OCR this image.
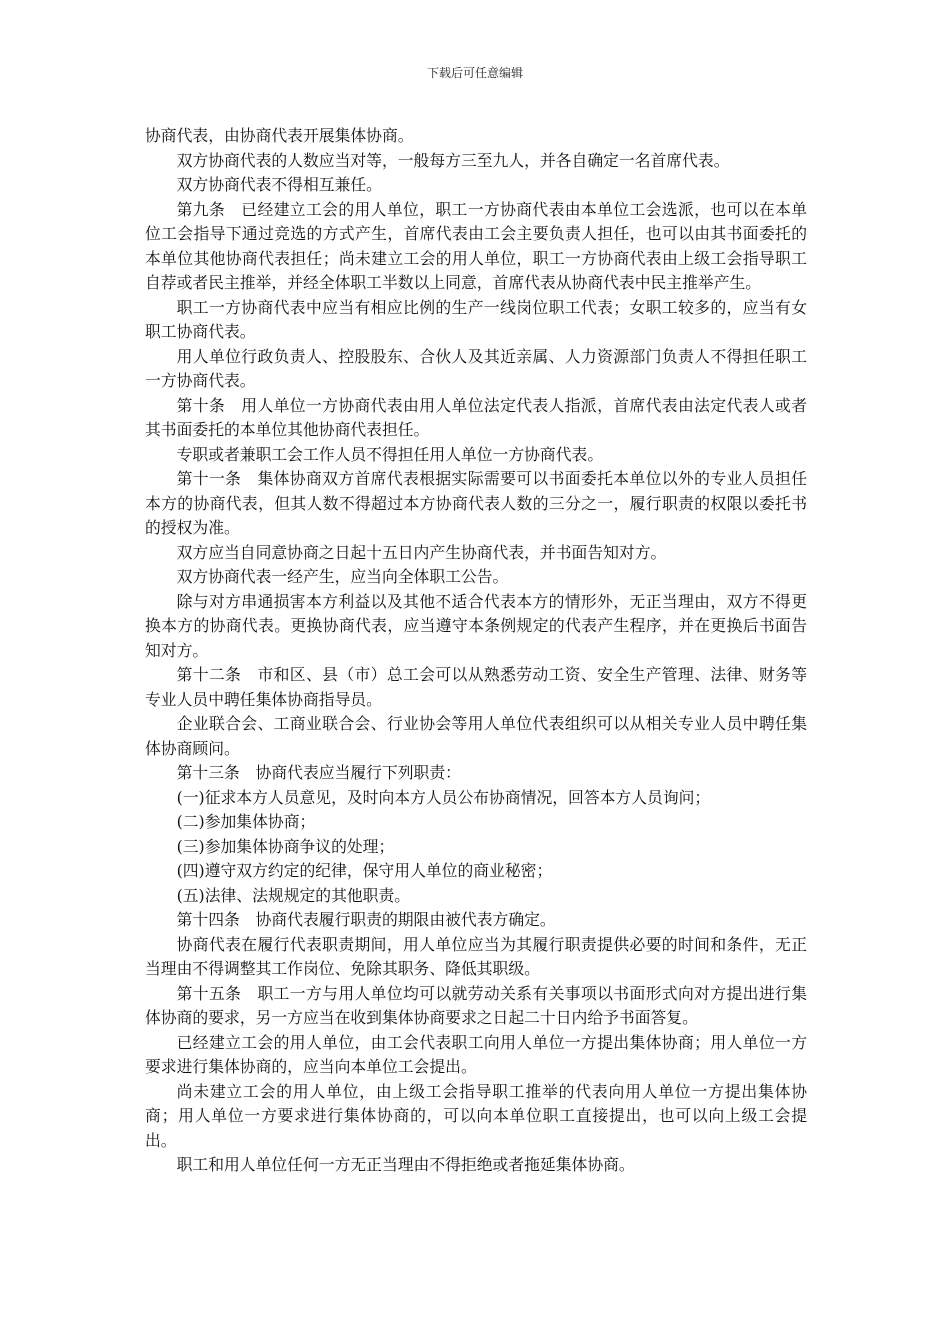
下载后可任意编辑

协商代表，由协商代表开展集体协商。

双方协商代表的人数应当对等，一般每方三至九人，并各自确定一名首席代表。

双方协商代表不得相互兼任。

第九条　已经建立工会的用人单位，职工一方协商代表由本单位工会选派，也可以在本单位工会指导下通过竞选的方式产生，首席代表由工会主要负责人担任，也可以由其书面委托的本单位其他协商代表担任；尚未建立工会的用人单位，职工一方协商代表由上级工会指导职工自荐或者民主推举，并经全体职工半数以上同意，首席代表从协商代表中民主推举产生。

职工一方协商代表中应当有相应比例的生产一线岗位职工代表；女职工较多的，应当有女职工协商代表。

用人单位行政负责人、控股股东、合伙人及其近亲属、人力资源部门负责人不得担任职工一方协商代表。

第十条　用人单位一方协商代表由用人单位法定代表人指派，首席代表由法定代表人或者其书面委托的本单位其他协商代表担任。

专职或者兼职工会工作人员不得担任用人单位一方协商代表。

第十一条　集体协商双方首席代表根据实际需要可以书面委托本单位以外的专业人员担任本方的协商代表，但其人数不得超过本方协商代表人数的三分之一，履行职责的权限以委托书的授权为准。

双方应当自同意协商之日起十五日内产生协商代表，并书面告知对方。

双方协商代表一经产生，应当向全体职工公告。

除与对方串通损害本方利益以及其他不适合代表本方的情形外，无正当理由，双方不得更换本方的协商代表。更换协商代表，应当遵守本条例规定的代表产生程序，并在更换后书面告知对方。

第十二条　市和区、县（市）总工会可以从熟悉劳动工资、安全生产管理、法律、财务等专业人员中聘任集体协商指导员。

企业联合会、工商业联合会、行业协会等用人单位代表组织可以从相关专业人员中聘任集体协商顾问。

第十三条　协商代表应当履行下列职责：

(一)征求本方人员意见，及时向本方人员公布协商情况，回答本方人员询问；

(二)参加集体协商；

(三)参加集体协商争议的处理；

(四)遵守双方约定的纪律，保守用人单位的商业秘密；

(五)法律、法规规定的其他职责。

第十四条　协商代表履行职责的期限由被代表方确定。

协商代表在履行代表职责期间，用人单位应当为其履行职责提供必要的时间和条件，无正当理由不得调整其工作岗位、免除其职务、降低其职级。

第十五条　职工一方与用人单位均可以就劳动关系有关事项以书面形式向对方提出进行集体协商的要求，另一方应当在收到集体协商要求之日起二十日内给予书面答复。

已经建立工会的用人单位，由工会代表职工向用人单位一方提出集体协商；用人单位一方要求进行集体协商的，应当向本单位工会提出。

尚未建立工会的用人单位，由上级工会指导职工推举的代表向用人单位一方提出集体协商；用人单位一方要求进行集体协商的，可以向本单位职工直接提出，也可以向上级工会提出。

职工和用人单位任何一方无正当理由不得拒绝或者拖延集体协商。
